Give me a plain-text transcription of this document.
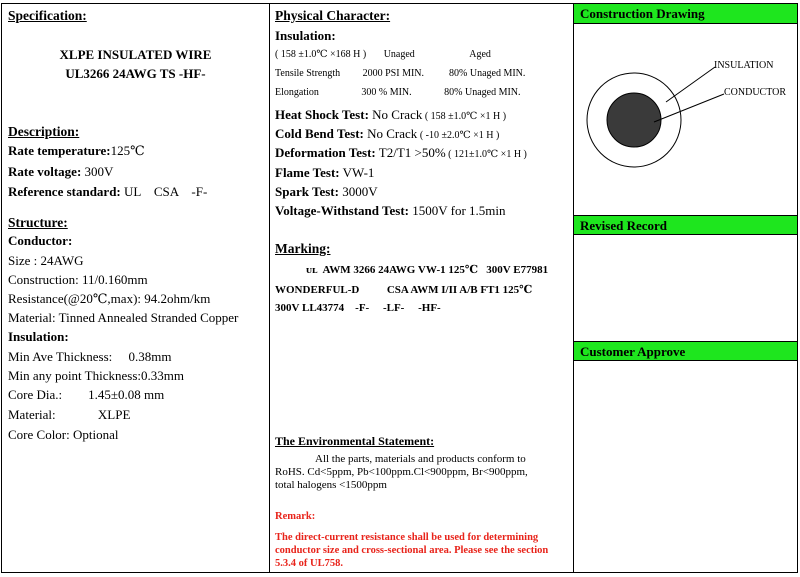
Specification:
XLPE INSULATED WIRE
UL3266 24AWG TS -HF-
Description:
Rate temperature:125℃
Rate voltage: 300V
Reference standard: UL    CSA    -F-
Structure:
Conductor:
Size : 24AWG
Construction: 11/0.160mm
Resistance(@20℃,max): 94.2ohm/km
Material: Tinned Annealed Stranded Copper
Insulation:
Min Ave Thickness:     0.38mm
Min any point Thickness:0.33mm
Core Dia.:        1.45±0.08 mm
Material:             XLPE
Core Color: Optional
Physical Character:
Insulation:
( 158 ±1.0℃ ×168 H )       Unaged                      Aged
Tensile Strength         2000 PSI MIN.          80% Unaged MIN.
Elongation                 300 % MIN.             80% Unaged MIN.
Heat Shock Test: No Crack ( 158 ±1.0℃ ×1 H )
Cold Bend Test: No Crack ( -10 ±2.0℃ ×1 H )
Deformation Test: T2/T1 >50% ( 121±1.0℃ ×1 H )
Flame Test: VW-1
Spark Test: 3000V
Voltage-Withstand Test: 1500V for 1.5min
Marking:
ᴜʟ  AWM 3266 24AWG VW-1 125℃   300V E77981
WONDERFUL-D          CSA AWM I/II A/B FT1 125℃
300V LL43774    -F-     -LF-     -HF-
The Environmental Statement:
All the parts, materials and products conform to
RoHS. Cd<5ppm, Pb<100ppm.Cl<900ppm, Br<900ppm,
total halogens <1500ppm
Remark:
The direct-current resistance shall be used for determining
conductor size and cross-sectional area. Please see the section
5.3.4 of UL758.
Construction Drawing
INSULATION
CONDUCTOR
Revised Record
Customer Approve
